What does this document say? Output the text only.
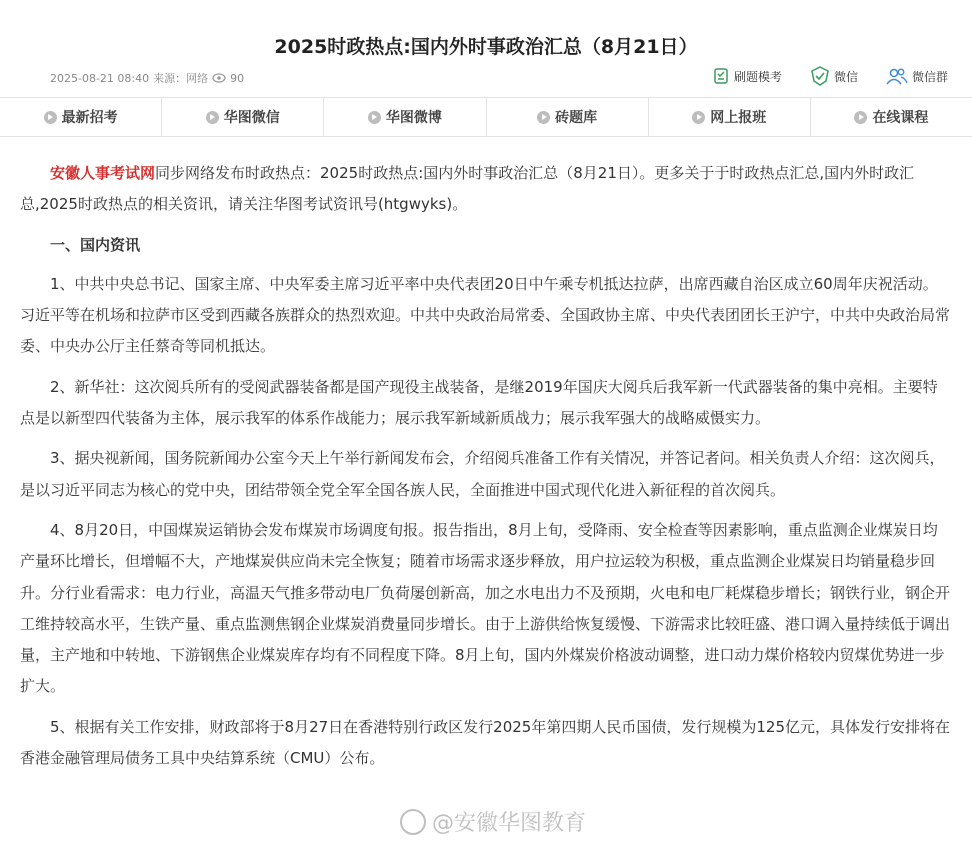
2025时政热点:国内外时事政治汇总（8月21日）
2025-08-21 08:40 来源：网络 90	刷题模考	微信	微信群
最新招考	华图微信	华图微博	砖题库	网上报班	在线课程

安徽人事考试网同步网络发布时政热点：2025时政热点:国内外时事政治汇总（8月21日）。更多关于于时政热点汇总,国内外时政汇总,2025时政热点的相关资讯，请关注华图考试资讯号(htgwyks)。

一、国内资讯

1、中共中央总书记、国家主席、中央军委主席习近平率中央代表团20日中午乘专机抵达拉萨，出席西藏自治区成立60周年庆祝活动。习近平等在机场和拉萨市区受到西藏各族群众的热烈欢迎。中共中央政治局常委、全国政协主席、中央代表团团长王沪宁，中共中央政治局常委、中央办公厅主任蔡奇等同机抵达。

2、新华社：这次阅兵所有的受阅武器装备都是国产现役主战装备，是继2019年国庆大阅兵后我军新一代武器装备的集中亮相。主要特点是以新型四代装备为主体，展示我军的体系作战能力；展示我军新域新质战力；展示我军强大的战略威慑实力。

3、据央视新闻，国务院新闻办公室今天上午举行新闻发布会，介绍阅兵准备工作有关情况，并答记者问。相关负责人介绍：这次阅兵，是以习近平同志为核心的党中央，团结带领全党全军全国各族人民，全面推进中国式现代化进入新征程的首次阅兵。

4、8月20日，中国煤炭运销协会发布煤炭市场调度旬报。报告指出，8月上旬，受降雨、安全检查等因素影响，重点监测企业煤炭日均产量环比增长，但增幅不大，产地煤炭供应尚未完全恢复；随着市场需求逐步释放，用户拉运较为积极，重点监测企业煤炭日均销量稳步回升。分行业看需求：电力行业，高温天气推多带动电厂负荷屡创新高，加之水电出力不及预期，火电和电厂耗煤稳步增长；钢铁行业，钢企开工维持较高水平，生铁产量、重点监测焦钢企业煤炭消费量同步增长。由于上游供给恢复缓慢、下游需求比较旺盛、港口调入量持续低于调出量，主产地和中转地、下游钢焦企业煤炭库存均有不同程度下降。8月上旬，国内外煤炭价格波动调整，进口动力煤价格较内贸煤优势进一步扩大。

5、根据有关工作安排，财政部将于8月27日在香港特别行政区发行2025年第四期人民币国债，发行规模为125亿元，具体发行安排将在香港金融管理局债务工具中央结算系统（CMU）公布。

@安徽华图教育
